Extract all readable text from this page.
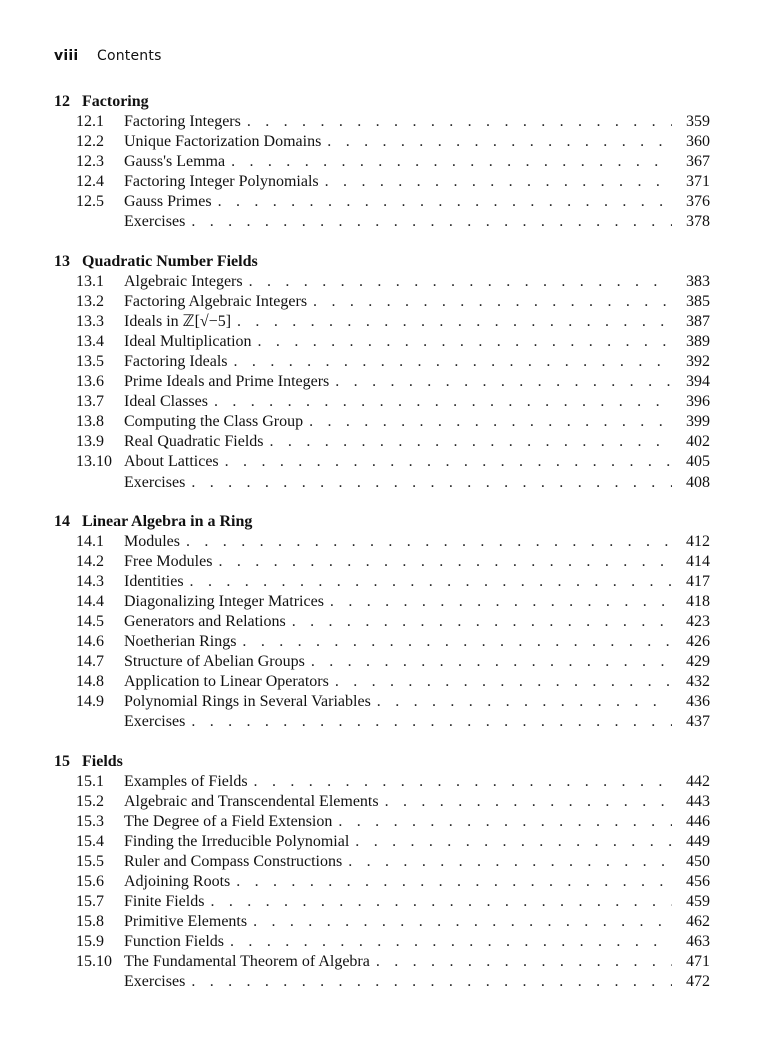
viii Contents
12 Factoring
12.1	Factoring Integers . . .	359
12.2	Unique Factorization Domains . . .	360
12.3	Gauss's Lemma . . .	367
12.4	Factoring Integer Polynomials . . .	371
12.5	Gauss Primes . . .	376
Exercises . . .	378
13 Quadratic Number Fields
13.1	Algebraic Integers . . .	383
13.2	Factoring Algebraic Integers . . .	385
13.3	Ideals in ℤ[√−5] . . .	387
13.4	Ideal Multiplication . . .	389
13.5	Factoring Ideals . . .	392
13.6	Prime Ideals and Prime Integers . . .	394
13.7	Ideal Classes . . .	396
13.8	Computing the Class Group . . .	399
13.9	Real Quadratic Fields . . .	402
13.10 About Lattices . . .	405
Exercises . . .	408
14 Linear Algebra in a Ring
14.1	Modules . . .	412
14.2	Free Modules . . .	414
14.3	Identities . . .	417
14.4	Diagonalizing Integer Matrices . . .	418
14.5	Generators and Relations . . .	423
14.6	Noetherian Rings . . .	426
14.7	Structure of Abelian Groups . . .	429
14.8	Application to Linear Operators . . .	432
14.9	Polynomial Rings in Several Variables . . .	436
Exercises . . .	437
15 Fields
15.1	Examples of Fields . . .	442
15.2	Algebraic and Transcendental Elements . . .	443
15.3	The Degree of a Field Extension . . .	446
15.4	Finding the Irreducible Polynomial . . .	449
15.5	Ruler and Compass Constructions . . .	450
15.6	Adjoining Roots . . .	456
15.7	Finite Fields . . .	459
15.8	Primitive Elements . . .	462
15.9	Function Fields . . .	463
15.10 The Fundamental Theorem of Algebra . . .	471
Exercises . . .	472
